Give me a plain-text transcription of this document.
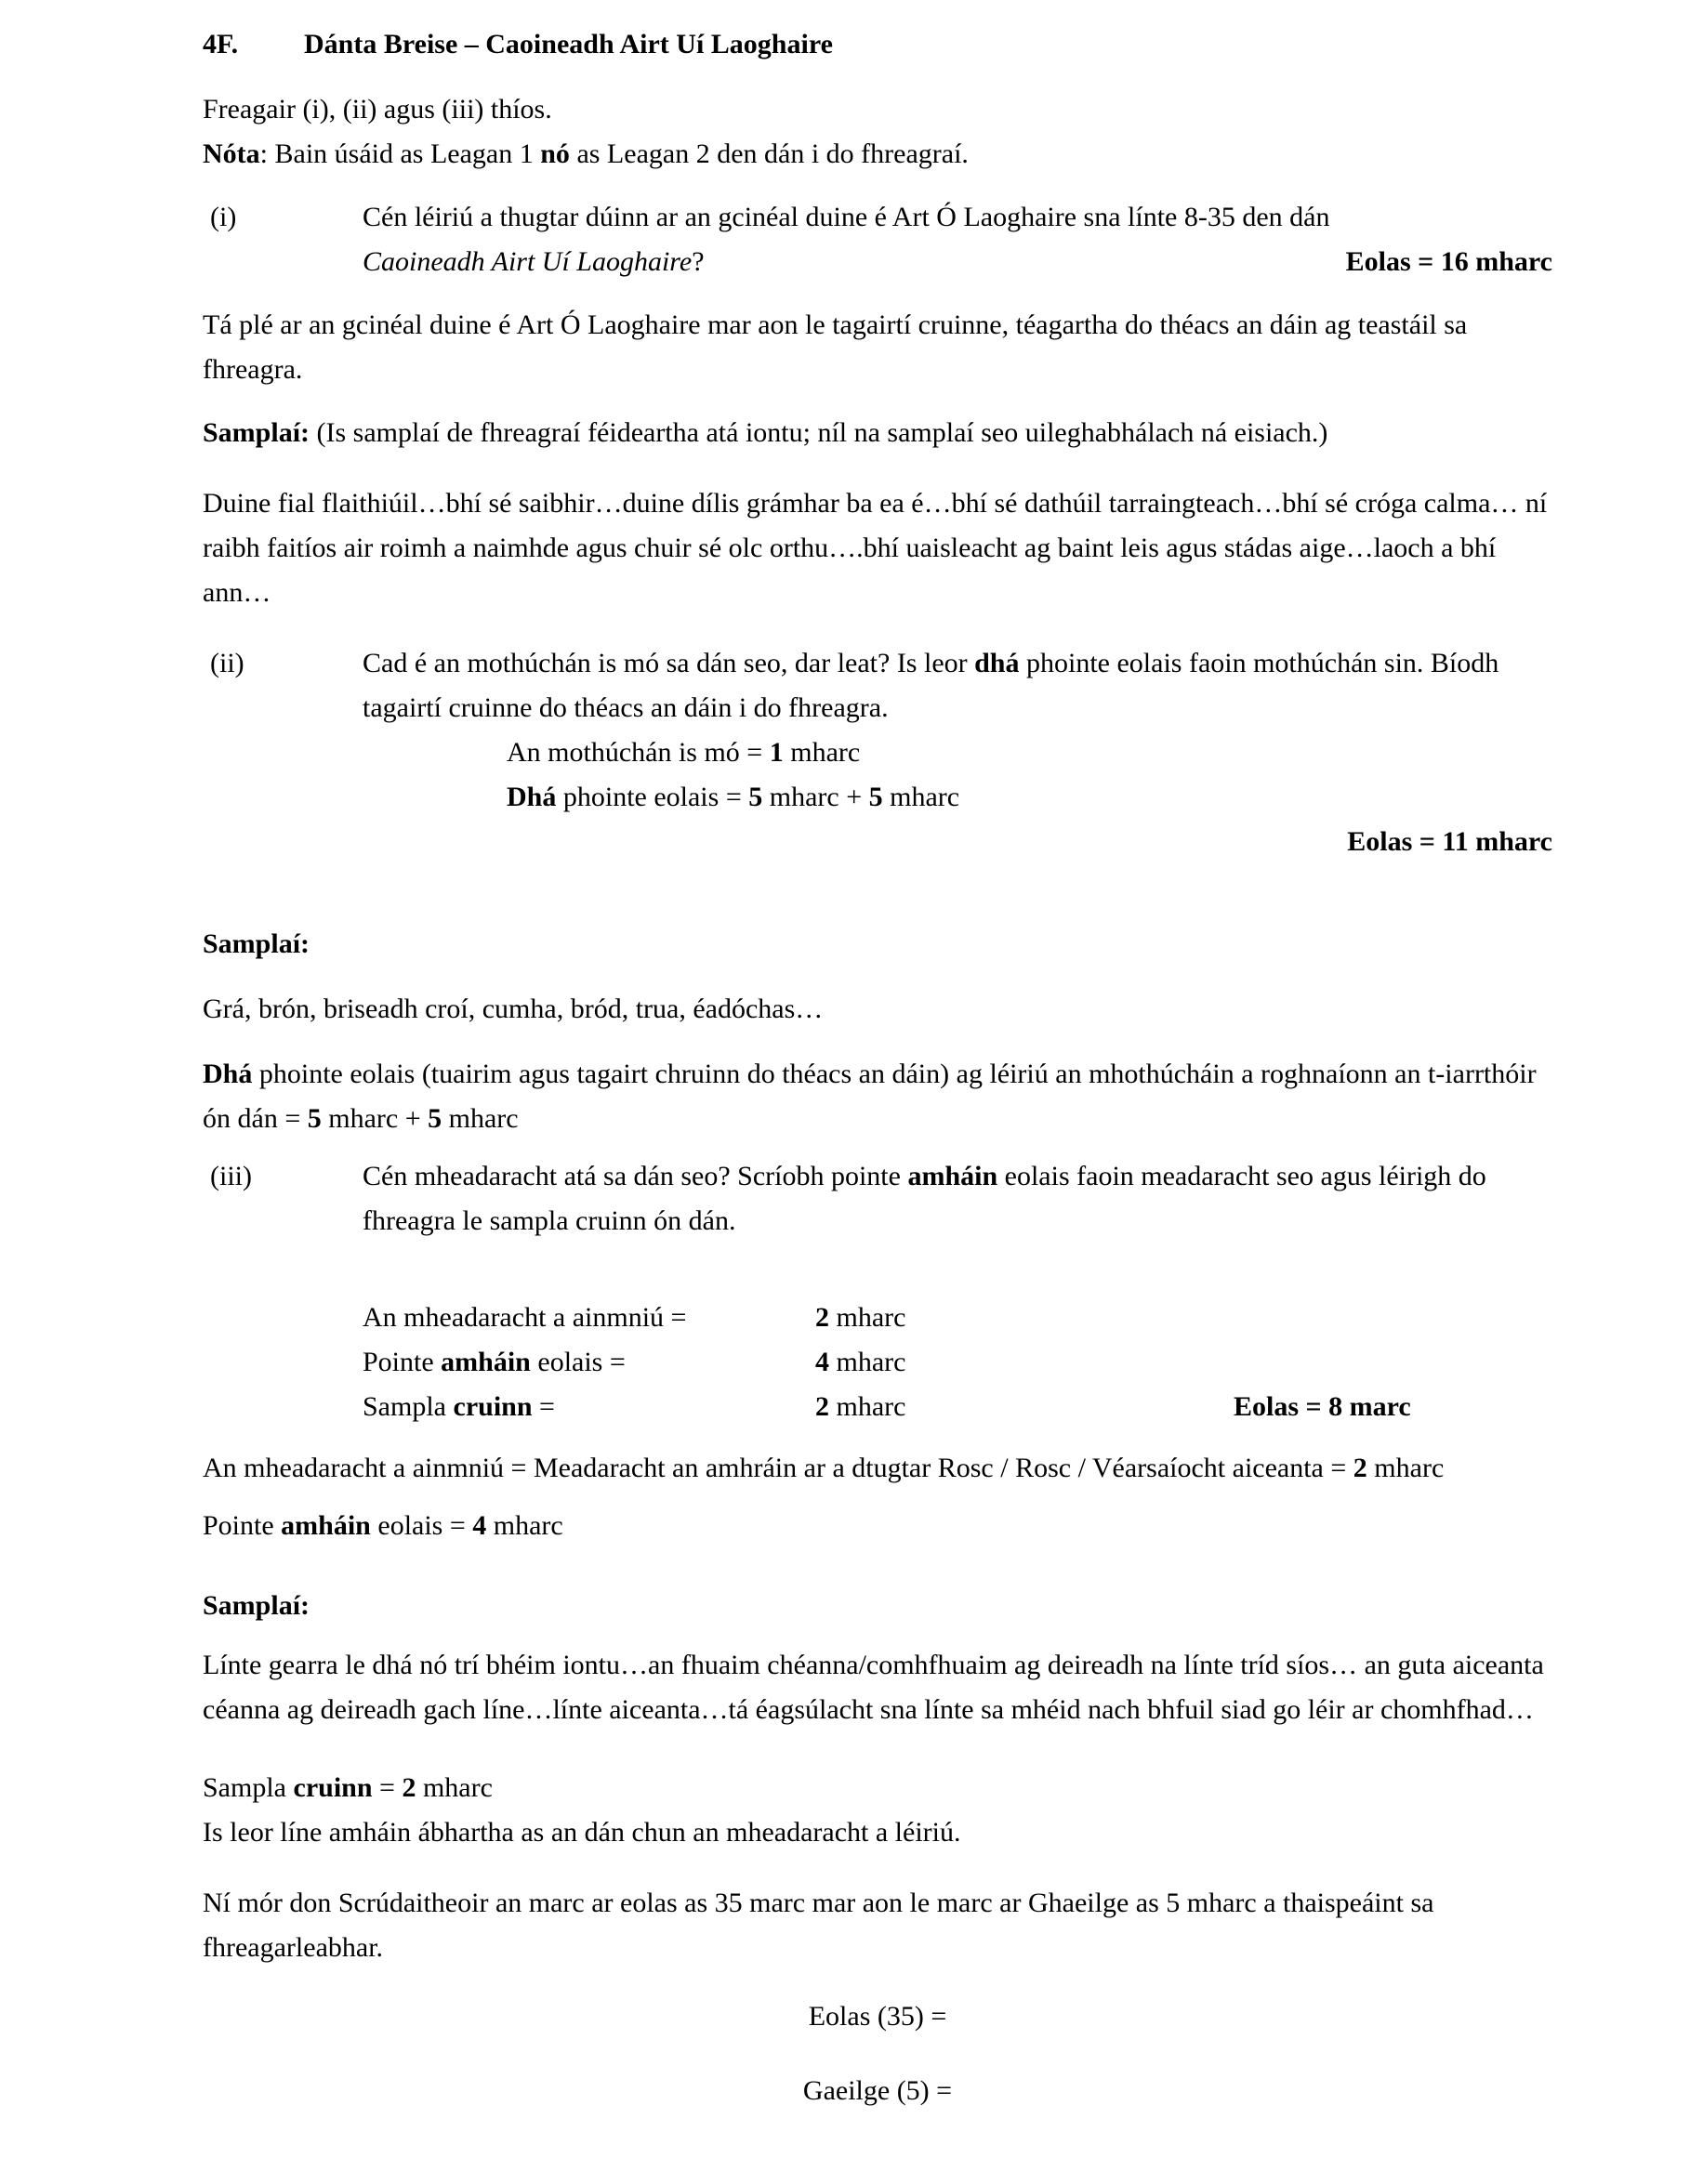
4F. Dánta Breise – Caoineadh Airt Uí Laoghaire

Freagair (i), (ii) agus (iii) thíos.

Nóta: Bain úsáid as Leagan 1 nó as Leagan 2 den dán i do fhreagraí.

(i)	Cén léiriú a thugtar dúinn ar an gcinéal duine é Art Ó Laoghaire sna línte 8-35 den dán

Caoineadh Airt Uí Laoghaire?	Eolas = 16 mharc

Tá plé ar an gcinéal duine é Art Ó Laoghaire mar aon le tagairtí cruinne, téagartha do théacs an dáin ag teastáil sa fhreagra.

Samplaí: (Is samplaí de fhreagraí féideartha atá iontu; níl na samplaí seo uileghabhálach ná eisiach.)

Duine fial flaithiúil…bhí sé saibhir…duine dílis grámhar ba ea é…bhí sé dathúil tarraingteach…bhí sé cróga calma… ní raibh faitíos air roimh a naimhde agus chuir sé olc orthu….bhí uaisleacht ag baint leis agus stádas aige…laoch a bhí ann…

(ii)	Cad é an mothúchán is mó sa dán seo, dar leat? Is leor dhá phointe eolais faoin mothúchán sin. Bíodh tagairtí cruinne do théacs an dáin i do fhreagra.

An mothúchán is mó = 1 mharc

Dhá phointe eolais = 5 mharc + 5 mharc

Eolas = 11 mharc

Samplaí:

Grá, brón, briseadh croí, cumha, bród, trua, éadóchas…

Dhá phointe eolais (tuairim agus tagairt chruinn do théacs an dáin) ag léiriú an mhothúcháin a roghnaíonn an t-iarrthóir ón dán = 5 mharc + 5 mharc

(iii)	Cén mheadaracht atá sa dán seo? Scríobh pointe amháin eolais faoin meadaracht seo agus léirigh do fhreagra le sampla cruinn ón dán.

An mheadaracht a ainmniú =	2 mharc
Pointe amháin eolais =	4 mharc
Sampla cruinn =	2 mharc	Eolas = 8 marc

An mheadaracht a ainmniú = Meadaracht an amhráin ar a dtugtar Rosc / Rosc / Véarsaíocht aiceanta = 2 mharc

Pointe amháin eolais = 4 mharc

Samplaí:

Línte gearra le dhá nó trí bhéim iontu…an fhuaim chéanna/comhfhuaim ag deireadh na línte tríd síos… an guta aiceanta céanna ag deireadh gach líne…línte aiceanta…tá éagsúlacht sna línte sa mhéid nach bhfuil siad go léir ar chomhfhad…

Sampla cruinn = 2 mharc

Is leor líne amháin ábhartha as an dán chun an mheadaracht a léiriú.

Ní mór don Scrúdaitheoir an marc ar eolas as 35 marc mar aon le marc ar Ghaeilge as 5 mharc a thaispeáint sa fhreagarleabhar.

Eolas (35) =

Gaeilge (5) =
